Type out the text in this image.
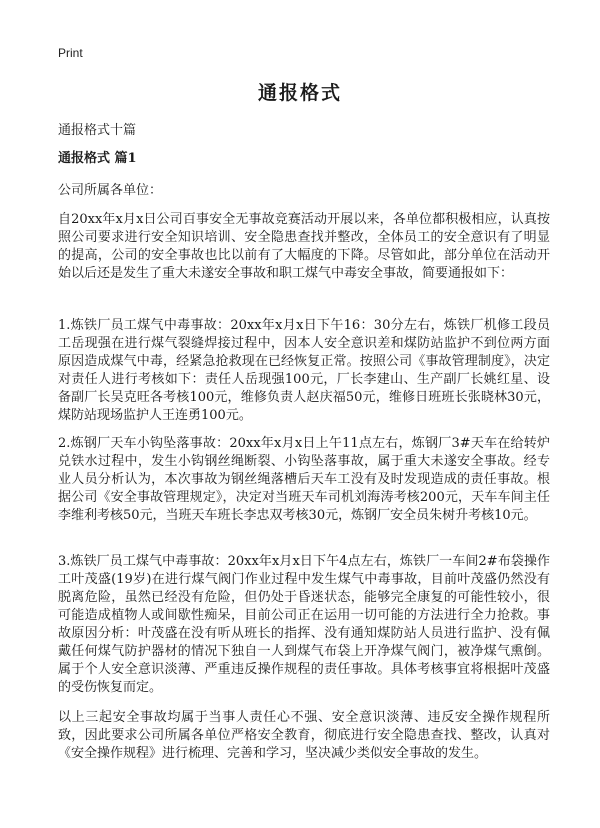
Print
通报格式
通报格式十篇
通报格式 篇1
公司所属各单位：

自20xx年x月x日公司百事安全无事故竞赛活动开展以来，各单位都积极相应，认真按照公司要求进行安全知识培训、安全隐患查找并整改，全体员工的安全意识有了明显的提高，公司的安全事故也比以前有了大幅度的下降。尽管如此，部分单位在活动开始以后还是发生了重大未遂安全事故和职工煤气中毒安全事故，简要通报如下：

1.炼铁厂员工煤气中毒事故：20xx年x月x日下午16：30分左右，炼铁厂机修工段员工岳现强在进行煤气裂缝焊接过程中，因本人安全意识差和煤防站监护不到位两方面原因造成煤气中毒，经紧急抢救现在已经恢复正常。按照公司《事故管理制度》，决定对责任人进行考核如下：责任人岳现强100元，厂长李建山、生产副厂长姚红星、设备副厂长吴克旺各考核100元，维修负责人赵庆福50元，维修日班班长张晓林30元，煤防站现场监护人王连勇100元。

2.炼钢厂天车小钩坠落事故：20xx年x月x日上午11点左右，炼钢厂3#天车在给转炉兑铁水过程中，发生小钩钢丝绳断裂、小钩坠落事故，属于重大未遂安全事故。经专业人员分析认为，本次事故为钢丝绳落槽后天车工没有及时发现造成的责任事故。根据公司《安全事故管理规定》，决定对当班天车司机刘海涛考核200元，天车车间主任李维利考核50元，当班天车班长李忠双考核30元，炼钢厂安全员朱树升考核10元。

3.炼铁厂员工煤气中毒事故：20xx年x月x日下午4点左右，炼铁厂一车间2#布袋操作工叶茂盛(19岁)在进行煤气阀门作业过程中发生煤气中毒事故，目前叶茂盛仍然没有脱离危险，虽然已经没有危险，但仍处于昏迷状态，能够完全康复的可能性较小，很可能造成植物人或间歇性痴呆，目前公司正在运用一切可能的方法进行全力抢救。事故原因分析：叶茂盛在没有听从班长的指挥、没有通知煤防站人员进行监护、没有佩戴任何煤气防护器材的情况下独自一人到煤气布袋上开净煤气阀门，被净煤气熏倒。属于个人安全意识淡薄、严重违反操作规程的责任事故。具体考核事宜将根据叶茂盛的受伤恢复而定。

以上三起安全事故均属于当事人责任心不强、安全意识淡薄、违反安全操作规程所致，因此要求公司所属各单位严格安全教育，彻底进行安全隐患查找、整改，认真对《安全操作规程》进行梳理、完善和学习，坚决减少类似安全事故的发生。
